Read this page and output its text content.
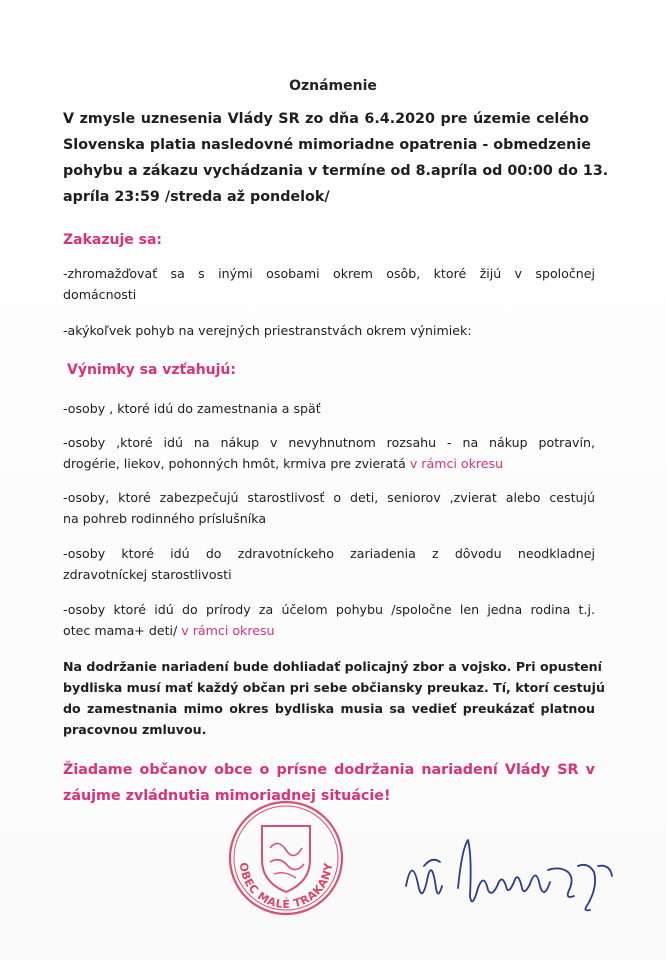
Oznámenie
V zmysle uznesenia Vlády SR zo dňa 6.4.2020 pre územie celého
Slovenska platia nasledovné mimoriadne opatrenia - obmedzenie
pohybu a zákazu vychádzania v termíne od 8.apríla od 00:00 do 13.
apríla 23:59 /streda až pondelok/
Zakazuje sa:
-zhromažďovať sa s inými osobami okrem osôb, ktoré žijú v spoločnej
domácnosti
-akýkoľvek pohyb na verejných priestranstvách okrem výnimiek:
Výnimky sa vzťahujú:
-osoby , ktoré idú do zamestnania a späť
-osoby ,ktoré idú na nákup v nevyhnutnom rozsahu - na nákup potravín,
drogérie, liekov, pohonných hmôt, krmiva pre zvieratá v rámci okresu
-osoby, ktoré zabezpečujú starostlivosť o deti, seniorov ,zvierat alebo cestujú
na pohreb rodinného príslušníka
-osoby ktoré idú do zdravotníckeho zariadenia z dôvodu neodkladnej
zdravotníckej starostlivosti
-osoby ktoré idú do prírody za účelom pohybu /spoločne len jedna rodina t.j.
otec mama+ deti/ v rámci okresu
Na dodržanie nariadení bude dohliadať policajný zbor a vojsko. Pri opustení
bydliska musí mať každý občan pri sebe občiansky preukaz. Tí, ktorí cestujú
do zamestnania mimo okres bydliska musia sa vedieť preukázať platnou
pracovnou zmluvou.
Žiadame občanov obce o prísne dodržania nariadení Vlády SR v
záujme zvládnutia mimoriadnej situácie!
OBEC MALÉ TRAKANY
